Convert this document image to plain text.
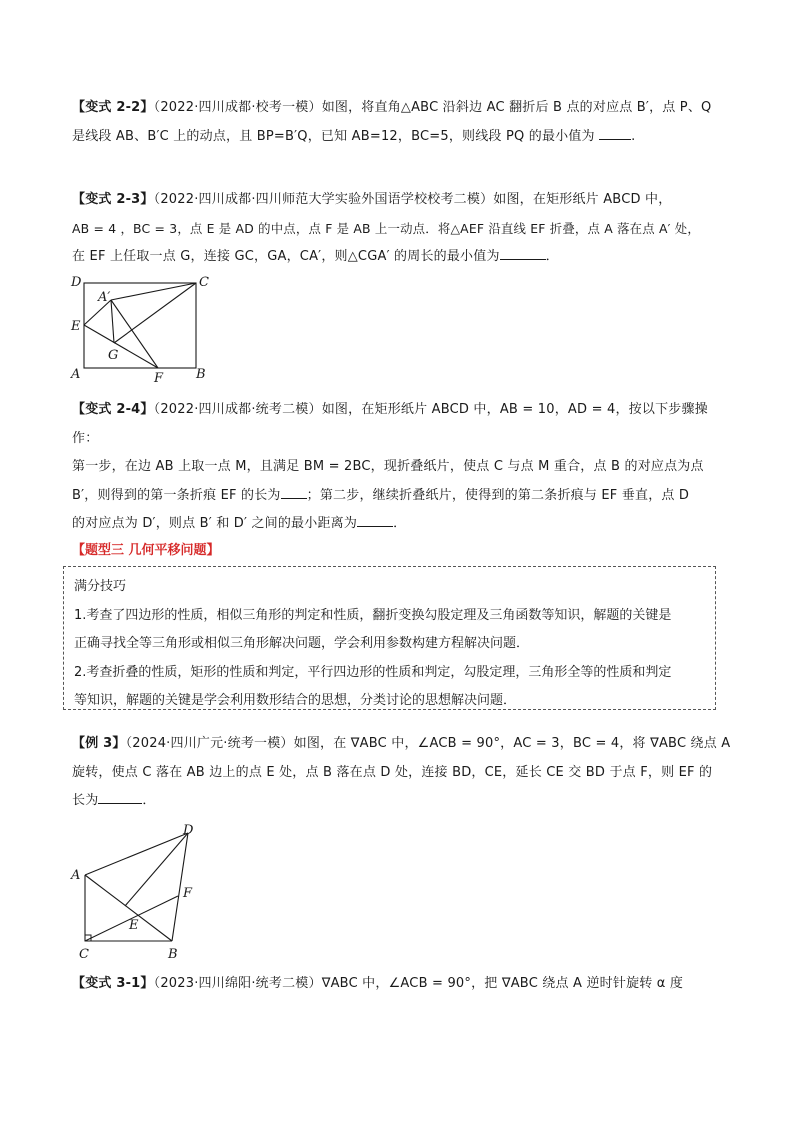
【变式 2-2】（2022·四川成都·校考一模）如图，将直角△ABC 沿斜边 AC 翻折后 B 点的对应点 B′，点 P、Q
是线段 AB、B′C 上的动点，且 BP=B′Q，已知 AB=12，BC=5，则线段 PQ 的最小值为	.
【变式 2-3】（2022·四川成都·四川师范大学实验外国语学校校考二模）如图，在矩形纸片 ABCD 中，
AB = 4 ，BC = 3，点 E 是 AD 的中点，点 F 是 AB 上一动点．将△AEF 沿直线 EF 折叠，点 A 落在点 A′ 处，
在 EF 上任取一点 G，连接 GC，GA，CA′，则△CGA′ 的周长的最小值为	．
D
A′
C
E
G
A	F	B
【变式 2-4】（2022·四川成都·统考二模）如图，在矩形纸片 ABCD 中，AB = 10，AD = 4，按以下步骤操作：
第一步，在边 AB 上取一点 M，且满足 BM = 2BC，现折叠纸片，使点 C 与点 M 重合，点 B 的对应点为点
B′，则得到的第一条折痕 EF 的长为 ；第二步，继续折叠纸片，使得到的第二条折痕与 EF 垂直，点 D
的对应点为 D′，则点 B′ 和 D′ 之间的最小距离为	．
【题型三 几何平移问题】
满分技巧
1.考查了四边形的性质，相似三角形的判定和性质，翻折变换勾股定理及三角函数等知识，解题的关键是
正确寻找全等三角形或相似三角形解决问题，学会利用参数构建方程解决问题．
2.考查折叠的性质，矩形的性质和判定，平行四边形的性质和判定，勾股定理，三角形全等的性质和判定
等知识，解题的关键是学会利用数形结合的思想，分类讨论的思想解决问题．
【例 3】（2024·四川广元·统考一模）如图，在 ∇ABC 中，∠ACB = 90°，AC = 3，BC = 4，将 ∇ABC 绕点 A
旋转，使点 C 落在 AB 边上的点 E 处，点 B 落在点 D 处，连接 BD，CE，延长 CE 交 BD 于点 F，则 EF 的
长为	．
D
A
F
E
C	B
【变式 3-1】（2023·四川绵阳·统考二模）∇ABC 中，∠ACB = 90°，把 ∇ABC 绕点 A 逆时针旋转 α 度
